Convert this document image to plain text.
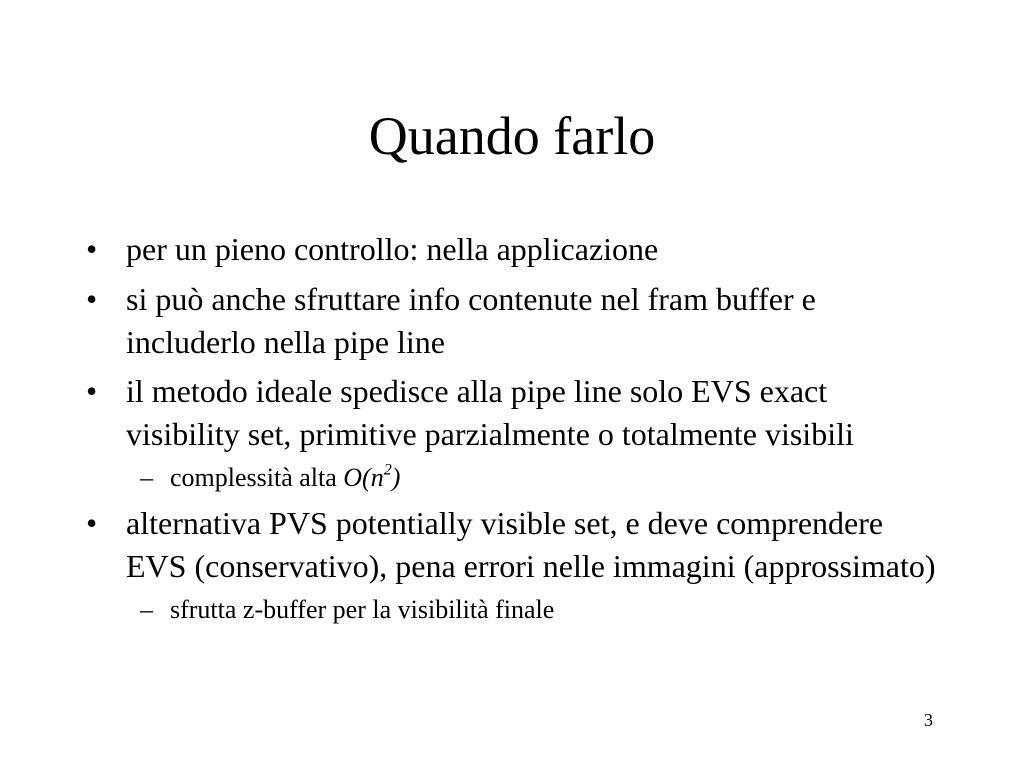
Quando farlo
• per un pieno controllo: nella applicazione
• si può anche sfruttare info contenute nel fram buffer e includerlo nella pipe line
• il metodo ideale spedisce alla pipe line solo EVS exact visibility set, primitive parzialmente o totalmente visibili
– complessità alta $O(n^2)$
• alternativa PVS potentially visible set, e deve comprendere EVS (conservativo), pena errori nelle immagini (approssimato)
– sfrutta z-buffer per la visibilità finale
3
